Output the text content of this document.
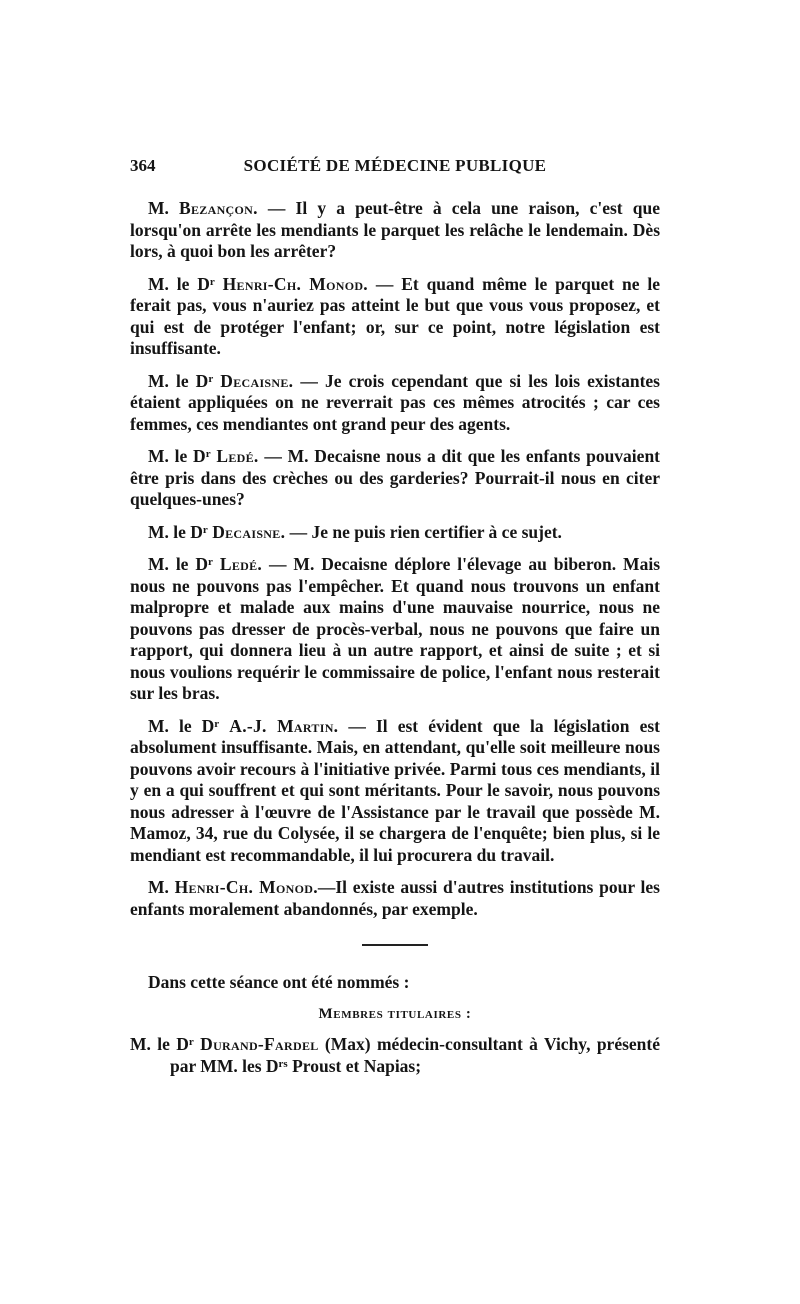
364	SOCIÉTÉ DE MÉDECINE PUBLIQUE

M. Bezançon. — Il y a peut-être à cela une raison, c'est que lorsqu'on arrête les mendiants le parquet les relâche le lendemain. Dès lors, à quoi bon les arrêter?

M. le $D^r$ Henri-Ch. Monod. — Et quand même le parquet ne le ferait pas, vous n'auriez pas atteint le but que vous vous proposez, et qui est de protéger l'enfant; or, sur ce point, notre législation est insuffisante.

M. le $D^r$ Decaisne. — Je crois cependant que si les lois existantes étaient appliquées on ne reverrait pas ces mêmes atrocités ; car ces femmes, ces mendiantes ont grand peur des agents.

M. le $D^r$ Ledé. — M. Decaisne nous a dit que les enfants pouvaient être pris dans des crèches ou des garderies? Pourrait-il nous en citer quelques-unes?

M. le $D^r$ Decaisne. — Je ne puis rien certifier à ce sujet.

M. le $D^r$ Ledé. — M. Decaisne déplore l'élevage au biberon. Mais nous ne pouvons pas l'empêcher. Et quand nous trouvons un enfant malpropre et malade aux mains d'une mauvaise nourrice, nous ne pouvons pas dresser de procès-verbal, nous ne pouvons que faire un rapport, qui donnera lieu à un autre rapport, et ainsi de suite ; et si nous voulions requérir le commissaire de police, l'enfant nous resterait sur les bras.

M. le $D^r$ A.-J. Martin. — Il est évident que la législation est absolument insuffisante. Mais, en attendant, qu'elle soit meilleure nous pouvons avoir recours à l'initiative privée. Parmi tous ces mendiants, il y en a qui souffrent et qui sont méritants. Pour le savoir, nous pouvons nous adresser à l'œuvre de l'Assistance par le travail que possède M. Mamoz, 34, rue du Colysée, il se chargera de l'enquête; bien plus, si le mendiant est recommandable, il lui procurera du travail.

M. Henri-Ch. Monod.—Il existe aussi d'autres institutions pour les enfants moralement abandonnés, par exemple.

Dans cette séance ont été nommés :

Membres titulaires :

M. le $D^r$ Durand-Fardel (Max) médecin-consultant à Vichy, présenté par MM. les $D^{rs}$ Proust et Napias;
